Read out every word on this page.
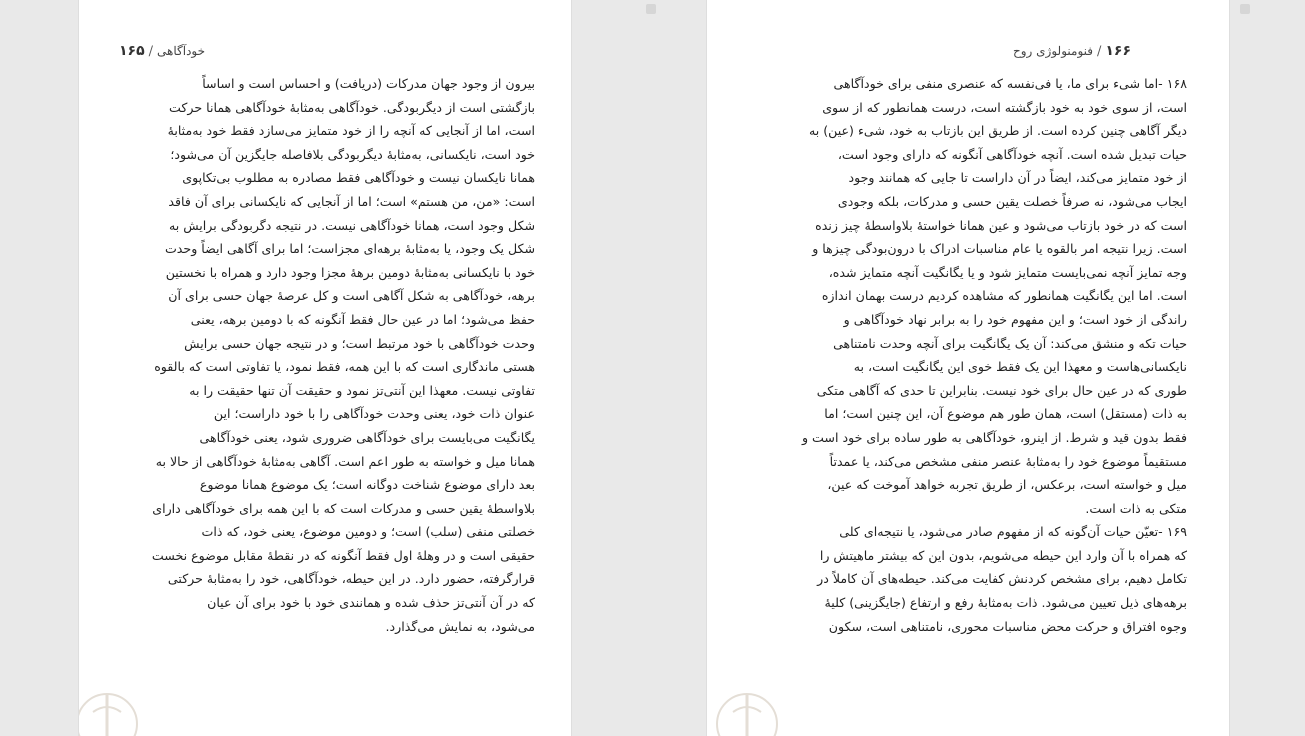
۱۶۵ / خودآگاهی
بیرون از وجود جهان مدرکات (دریافت) و احساس است و اساساً
بازگشتی است از دیگربودگی. خودآگاهی به‌مثابهٔ خودآگاهی همانا حرکت
است، اما از آنجایی که آنچه را از خود متمایز می‌سازد فقط خود به‌مثابهٔ
خود است، نایکسانی، به‌مثابهٔ دیگربودگی بلافاصله جایگزین آن می‌شود؛
همانا نایکسان نیست و خودآگاهی فقط مصادره به مطلوب بی‌تکاپوی
است: «من، من هستم» است؛ اما از آنجایی که نایکسانی برای آن فاقد
شکل وجود است، همانا خودآگاهی نیست. در نتیجه دگربودگی برایش به
شکل یک وجود، یا به‌مثابهٔ برهه‌ای مجزاست؛ اما برای آگاهی ایضاً وحدت
خود با نایکسانی به‌مثابهٔ دومین برههٔ مجزا وجود دارد و همراه با نخستین
برهه، خودآگاهی به شکل آگاهی است و کل عرصهٔ جهان حسی برای آن
حفظ می‌شود؛ اما در عین حال فقط آنگونه که با دومین برهه، یعنی
وحدت خودآگاهی با خود مرتبط است؛ و در نتیجه جهان حسی برایش
هستی ماندگاری است که با این همه، فقط نمود، یا تفاوتی است که بالقوه
تفاوتی نیست. معهذا این آنتی‌تز نمود و حقیقت آن تنها حقیقت را به
عنوان ذات خود، یعنی وحدت خودآگاهی را با خود داراست؛ این
یگانگیت می‌بایست برای خودآگاهی ضروری شود، یعنی خودآگاهی
همانا میل و خواسته به طور اعم است. آگاهی به‌مثابهٔ خودآگاهی از حالا به
بعد دارای موضوع شناخت دوگانه است؛ یک موضوع همانا موضوع
بلاواسطهٔ یقین حسی و مدرکات است که با این همه برای خودآگاهی دارای
خصلتی منفی (سلب) است؛ و دومین موضوع، یعنی خود، که ذات
حقیقی است و در وهلهٔ اول فقط آنگونه که در نقطهٔ مقابل موضوع نخست
قرارگرفته، حضور دارد. در این حیطه، خودآگاهی، خود را به‌مثابهٔ حرکتی
که در آن آنتی‌تز حذف شده و همانندی خود با خود برای آن عیان
می‌شود، به نمایش می‌گذارد.
فنومنولوژی روح / ۱۶۶
۱۶۸ -اما شیء برای ما، یا فی‌نفسه که عنصری منفی برای خودآگاهی
است، از سوی خود به خود بازگشته است، درست همانطور که از سوی
دیگر آگاهی چنین کرده است. از طریق این بازتاب به خود، شیء (عین) به
حیات تبدیل شده است. آنچه خودآگاهی آنگونه که دارای وجود است،
از خود متمایز می‌کند، ایضاً در آن داراست تا جایی که همانند وجود
ایجاب می‌شود، نه صرفاً خصلت یقین حسی و مدرکات، بلکه وجودی
است که در خود بازتاب می‌شود و عین همانا خواستهٔ بلاواسطهٔ چیز زنده
است. زیرا نتیجه امر بالقوه یا عام مناسبات ادراک با درون‌بودگی چیزها و
وجه تمایز آنچه نمی‌بایست متمایز شود و یا یگانگیت آنچه متمایز شده،
است. اما این یگانگیت همانطور که مشاهده کردیم درست بهمان اندازه
راندگی از خود است؛ و این مفهوم خود را به برابر نهاد خودآگاهی و
حیات تکه و منشق می‌کند: آن یک یگانگیت برای آنچه وحدت نامتناهی
نایکسانی‌هاست و معهذا این یک فقط خوی این یگانگیت است، به
طوری که در عین حال برای خود نیست. بنابراین تا حدی که آگاهی متکی
به ذات (مستقل) است، همان طور هم موضوع آن، این چنین است؛ اما
فقط بدون قید و شرط. از اینرو، خودآگاهی به طور ساده برای خود است و
مستقیماً موضوع خود را به‌مثابهٔ عنصر منفی مشخص می‌کند، یا عمدتاً
میل و خواسته است، برعکس، از طریق تجربه خواهد آموخت که عین،
متکی به ذات است.
۱۶۹ -تعیّن حیات آن‌گونه که از مفهوم صادر می‌شود، یا نتیجه‌ای کلی
که همراه با آن وارد این حیطه می‌شویم، بدون این که بیشتر ماهیتش را
تکامل دهیم، برای مشخص کردنش کفایت می‌کند. حیطه‌های آن کاملاً در
برهه‌های ذیل تعیین می‌شود. ذات به‌مثابهٔ رفع و ارتفاع (جایگزینی) کلیهٔ
وجوه افتراق و حرکت محض مناسبات محوری، نامتناهی است، سکون
